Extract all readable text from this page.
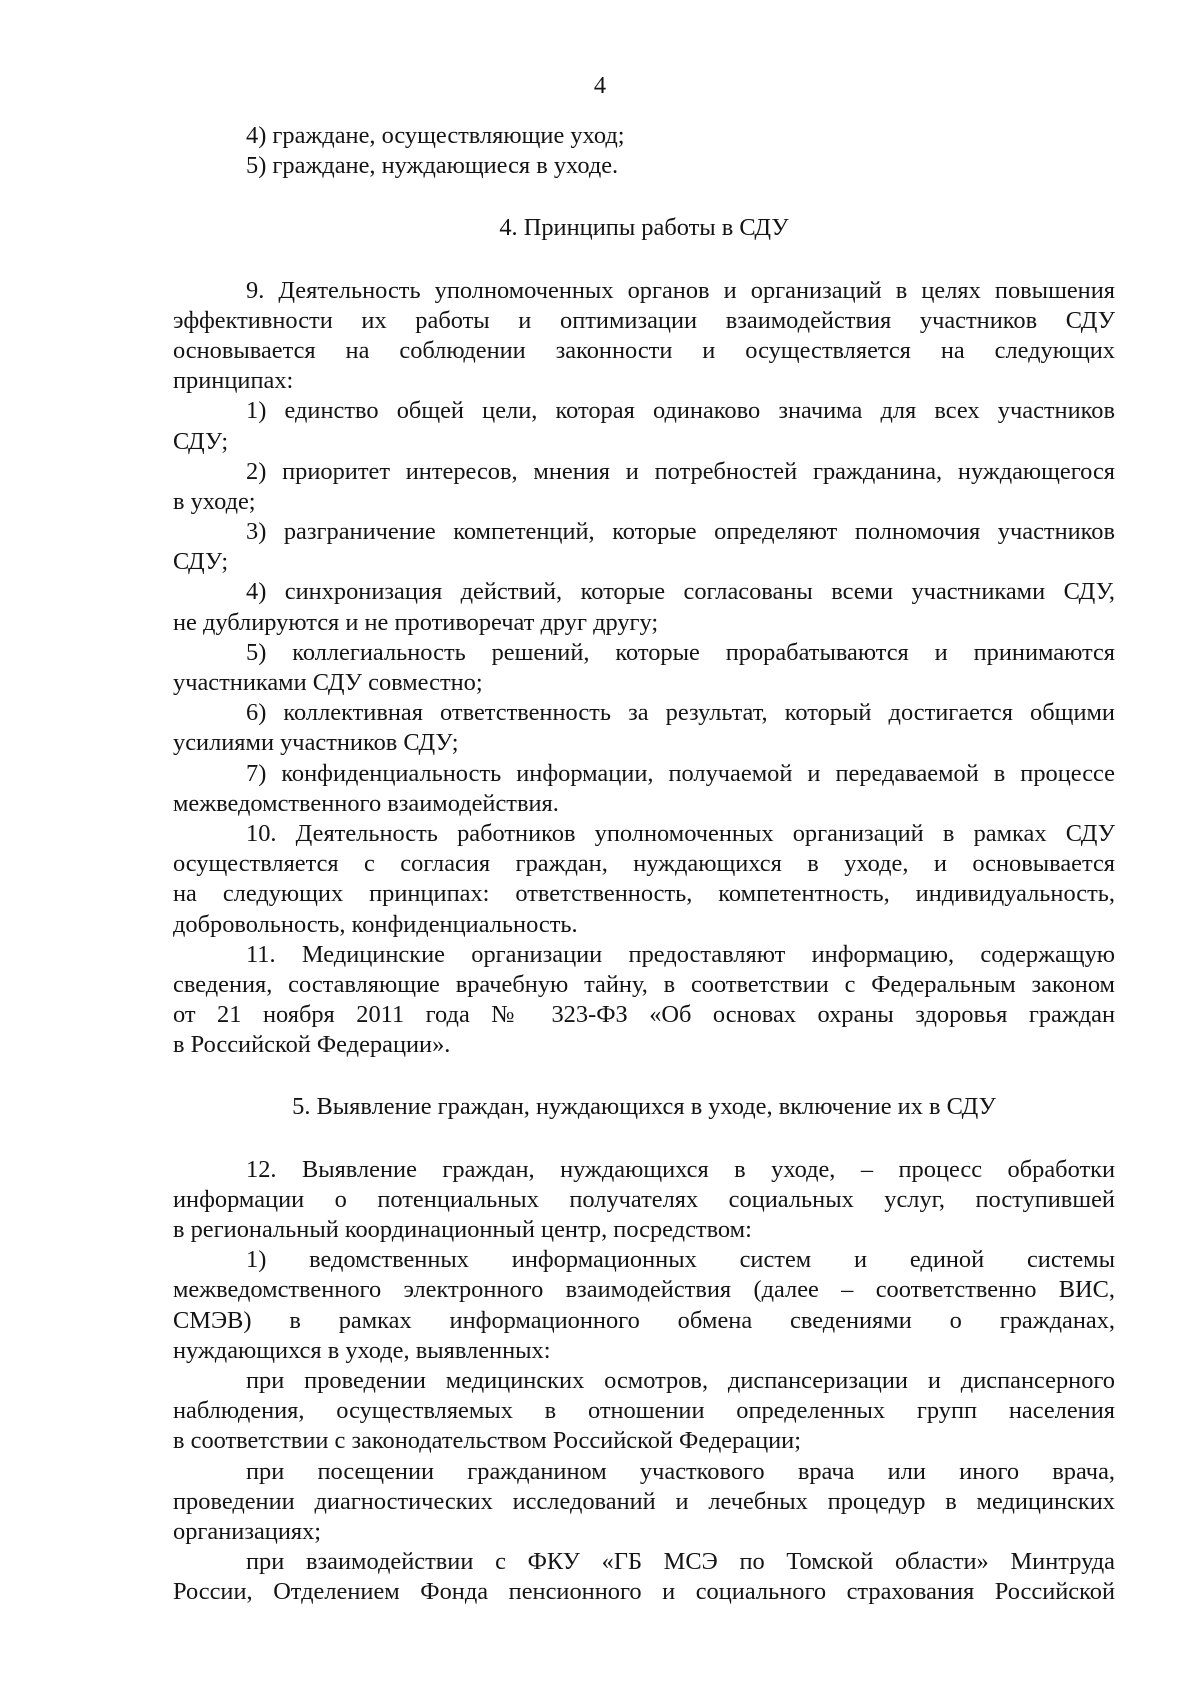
4
4) граждане, осуществляющие уход;
5) граждане, нуждающиеся в уходе.
4. Принципы работы в СДУ
9. Деятельность уполномоченных органов и организаций в целях повышения
эффективности их работы и оптимизации взаимодействия участников СДУ
основывается на соблюдении законности и осуществляется на следующих
принципах:
1) единство общей цели, которая одинаково значима для всех участников
СДУ;
2) приоритет интересов, мнения и потребностей гражданина, нуждающегося
в уходе;
3) разграничение компетенций, которые определяют полномочия участников
СДУ;
4) синхронизация действий, которые согласованы всеми участниками СДУ,
не дублируются и не противоречат друг другу;
5) коллегиальность решений, которые прорабатываются и принимаются
участниками СДУ совместно;
6) коллективная ответственность за результат, который достигается общими
усилиями участников СДУ;
7) конфиденциальность информации, получаемой и передаваемой в процессе
межведомственного взаимодействия.
10. Деятельность работников уполномоченных организаций в рамках СДУ
осуществляется с согласия граждан, нуждающихся в уходе, и основывается
на следующих принципах: ответственность, компетентность, индивидуальность,
добровольность, конфиденциальность.
11. Медицинские организации предоставляют информацию, содержащую
сведения, составляющие врачебную тайну, в соответствии с Федеральным законом
от 21 ноября 2011 года № 323-ФЗ «Об основах охраны здоровья граждан
в Российской Федерации».
5. Выявление граждан, нуждающихся в уходе, включение их в СДУ
12. Выявление граждан, нуждающихся в уходе, – процесс обработки
информации о потенциальных получателях социальных услуг, поступившей
в региональный координационный центр, посредством:
1) ведомственных информационных систем и единой системы
межведомственного электронного взаимодействия (далее – соответственно ВИС,
СМЭВ) в рамках информационного обмена сведениями о гражданах,
нуждающихся в уходе, выявленных:
при проведении медицинских осмотров, диспансеризации и диспансерного
наблюдения, осуществляемых в отношении определенных групп населения
в соответствии с законодательством Российской Федерации;
при посещении гражданином участкового врача или иного врача,
проведении диагностических исследований и лечебных процедур в медицинских
организациях;
при взаимодействии с ФКУ «ГБ МСЭ по Томской области» Минтруда
России, Отделением Фонда пенсионного и социального страхования Российской
